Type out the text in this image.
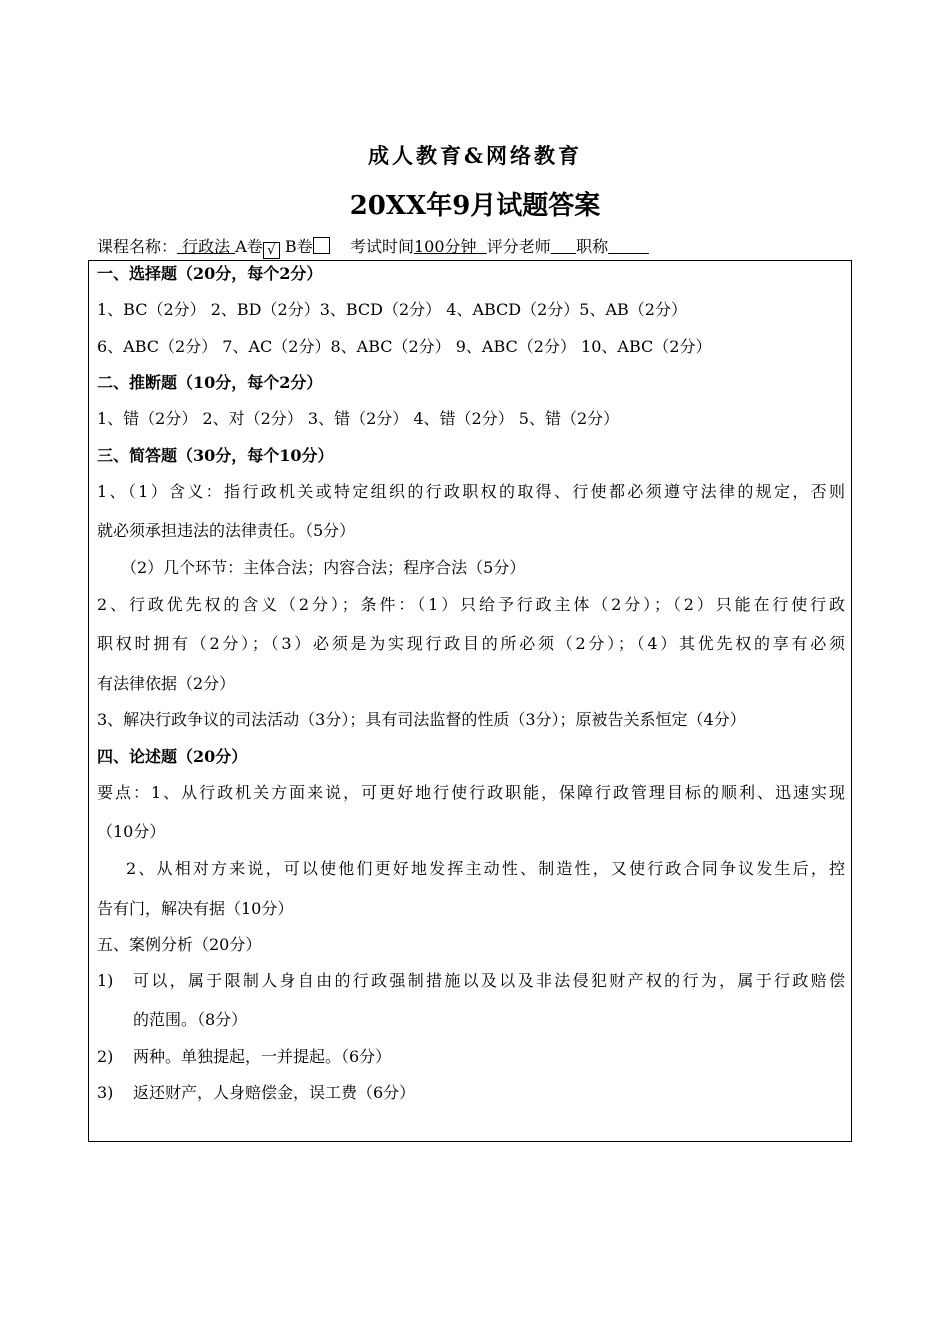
成人教育&网络教育
20XX年9月试题答案
课程名称： 行政法 A卷 √ B卷 考试时间100分钟 评分老师 职称
一、选择题（20分，每个2分）
1、BC（2分） 2、BD（2分）3、BCD（2分） 4、ABCD（2分）5、AB（2分）
6、ABC（2分） 7、AC（2分）8、ABC（2分） 9、ABC（2分） 10、ABC（2分）
二、推断题（10分，每个2分）
1、错（2分） 2、对（2分） 3、错（2分） 4、错（2分） 5、错（2分）
三、简答题（30分，每个10分）
1、（1）含义：指行政机关或特定组织的行政职权的取得、行使都必须遵守法律的规定，否则
就必须承担违法的法律责任。（5分）
（2）几个环节：主体合法；内容合法；程序合法（5分）
2、行政优先权的含义（2分）；条件：（1）只给予行政主体（2分）；（2）只能在行使行政
职权时拥有（2分）；（3）必须是为实现行政目的所必须（2分）；（4）其优先权的享有必须
有法律依据（2分）
3、解决行政争议的司法活动（3分）；具有司法监督的性质（3分）；原被告关系恒定（4分）
四、论述题（20分）
要点：1、从行政机关方面来说，可更好地行使行政职能，保障行政管理目标的顺利、迅速实现
（10分）
2、从相对方来说，可以使他们更好地发挥主动性、制造性，又使行政合同争议发生后，控
告有门，解决有据（10分）
五、案例分析（20分）
1) 可以，属于限制人身自由的行政强制措施以及以及非法侵犯财产权的行为，属于行政赔偿
的范围。（8分）
2) 两种。单独提起，一并提起。（6分）
3) 返还财产，人身赔偿金，误工费（6分）
